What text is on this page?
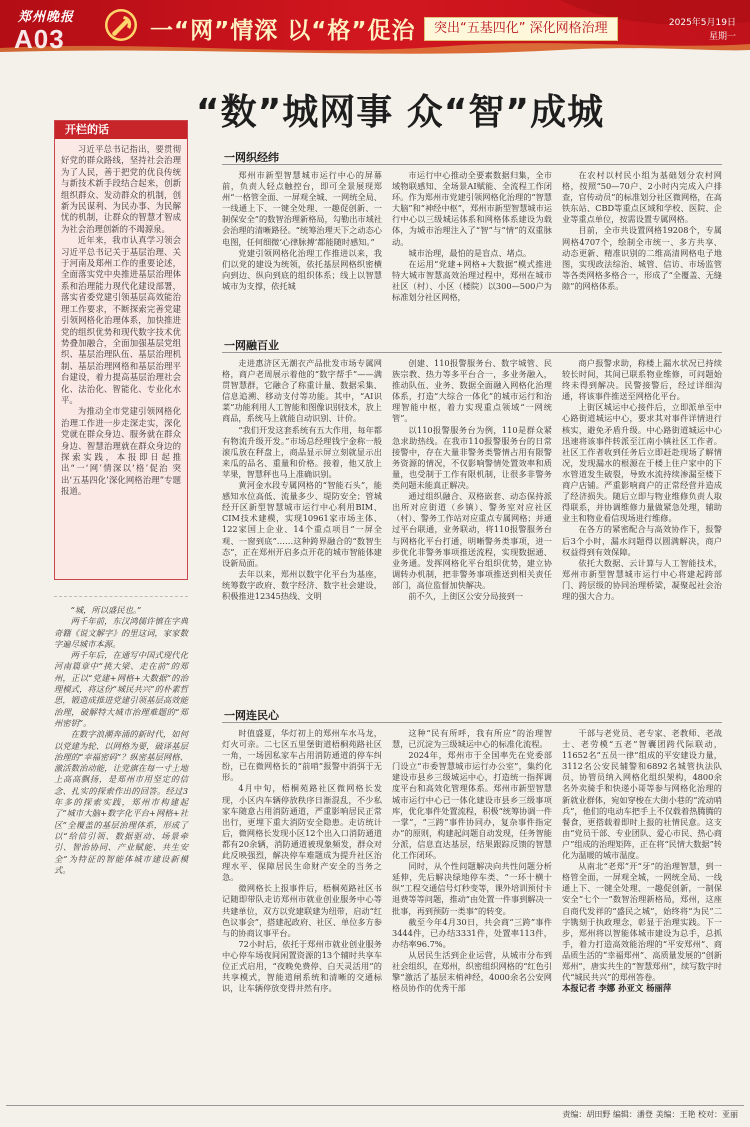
郑州晚报
A03	一“网”情深 以“格”促治	突出“五基四化” 深化网格治理	2025年5月19日
星期一
“数”城网事 众“智”成城
开栏的话

习近平总书记指出，要贯彻好党的群众路线，坚持社会治理为了人民，善于把党的优良传统与新技术新手段结合起来，创新组织群众、发动群众的机制，创新为民谋利、为民办事、为民解忧的机制，让群众的智慧才智成为社会治理创新的不竭源泉。

近年来，我市认真学习领会习近平总书记关于基层治理、关于河南及郑州工作的重要论述，全面落实党中央推进基层治理体系和治理能力现代化建设部署，落实省委党建引领基层高效能治理工作要求，不断探索完善党建引领网格化治理体系，加快推进党的组织优势和现代数字技术优势叠加融合，全面加强基层党组织、基层治理队伍、基层治理机制、基层治理网格和基层治理平台建设，着力提高基层治理社会化、法治化、智能化、专业化水平。

为推动全市党建引领网格化治理工作进一步走深走实，深化党就在群众身边、服务就在群众身边、智慧治理就在群众身边的探索实践，本报即日起推出“一‘网’情深以‘格’促治 突出‘五基四化’深化网格治理”专题报道。

“城，所以盛民也。”

两千年前，东汉鸿儒许慎在字典奇籍《说文解字》的里这词，家家数字遍尽城市本源。

两千年后，在通写中国式现代化河南篇章中“挑大梁、走在前”的郑州，正以“党建+网格+大数据”的治理模式，将这份“城民共兴”的朴素哲思，锻造成推进党建引领基层高效能治理，破解特大城市治理难题的“郑州密钥”。

在数字浪潮奔涌的新时代，如何以党建为轮、以网格为要，破译基层治理的“幸福密码”？纵密基层网格、激活数治动能，让党旗在每一寸土地上高高飘扬，是郑州市用坚定的信念、扎实的探索作出的回答。经过3年多的探索实践，郑州市构建起了“城市大脑+数字化平台+网格+社区”全覆盖的基层治理体系，形成了以“给信引领、数据驱动、场景牵引、智治协同、产业赋能、共生安全”为特征的智能体城市建设新模式。

一网织经纬

郑州市新型智慧城市运行中心的屏幕前，负责人轻点触控台，即可全景展现郑州“一格管全面、一屏观全城、一网统全局、一线通上下、一键全处理、一趣促创新、一制保安全”的数智治理新格局，勾勒出市域社会治理的清晰路径。“统筹治理天下之动态心电图，任何细微‘心律脉搏’都能随时感知。”

党建引领网格化治理工作推进以来，我们以党的建设为统领，依托基层网格织密横向到边、纵向到底的组织体系；线上以智慧城市为支撑，依托城

市运行中心推动全要素数据归集，全市域物联感知、全场景AI赋能、全流程工作闭环。作为郑州市党建引领网格化治理的“智慧大脑”和“神经中枢”，郑州市新型智慧城市运行中心以三级城运体系和网格体系建设为载体，为城市治理注入了“智”与“情”的双重脉动。

城市治理，最怕的是盲点、堵点。

在运用“党建+网格+大数据”模式推进特大城市智慧高效治理过程中，郑州在城市社区（村）、小区（楼院）以300—500户为标准划分社区网格，

在农村以村民小组为基础划分农村网格，按照“50—70户、2小时内完成入户排查，官传动员”的标准划分社区微网格，在高铁东站、CBD等重点区域和学校、医院、企业等重点单位，按需设置专属网格。

目前，全市共设置网格19208个，专属网格4707个，绘制全市统一、多方共享、动态更新、精准识别的二维高清网格电子地图，实现政法综治、城管、信访、市场监管等各类网格多格合一，形成了“全覆盖、无缝隙”的网格体系。

一网融百业

走进惠济区无潮衣产品批发市场专属网格，商户老周展示着他的“数字帮手”——满贯智慧群，它融合了称重计量、数据采集、信息追溯、移动支付等功能。其中，“AI识菜”功能利用人工智能和图像识别技术，放上商品，系统马上就能自动识别、计价。

“我们开发这套系统有五大作用，每年都有物流升级开发。”市场总经理钱宁金称一般滚瓜放在秤盘上，商品显示屏立刻就显示出来瓜的品名、重量和价格。接着，他又放上苹果，智慧秤也马上准确识别。

黄河金水段专属网格的“智能石头”，能感知水位高低、流量多少、堤防安全；管城经开区新型智慧城市运行中心利用BIM、CIM技术建模，实现10961家市场主体、122家国上企业、14个重点项目“一屏全观、一窗到底”……这种跨界融合的“数智生态”，正在郑州开启多点开花的城市智能体建设新局面。

去年以来，郑州以数字化平台为基座，统筹数字政府、数字经济、数字社会建设，积极推进12345热线、文明

创建、110报警服务台、数字城管、民族宗教、热力等多平台合一，多业务融入，推动队伍、业务、数据全面融入网格化治理体系，打造“大综合一体化”的城市运行和治理智能中枢，着力实现重点领域“一网统管”。

以110报警服务台为例，110是群众紧急求助热线。在我市110报警服务台的日常接警中，存在大量非警务类警情占用有限警务资源的情况，不仅影响警情处置效率和质量，也受制于工作有限机制，让很多非警务类问题未能真正解决。

通过组织融合、双格嵌套、动态保持派出所对应街道（乡镇）、警务室对应社区（村）、警务工作站对应重点专属网格；并通过平台联通，业务联动，将110报警服务台与网格化平台打通，明晰警务类事项，进一步优化非警务事项推送流程，实现数据通、业务通。发挥网格化平台组织优势，建立协调转办机制，把非警务事项推送到相关责任部门，高位监督加快解决。

前不久，上街区公安分局接到一

商户报警求助，称楼上漏水状况已持续较长时间，其间已联系物业维修，可问题始终未得到解决。民警接警后，经过详细沟通，将该事件推送至网格化平台。

上街区城运中心接件后，立即派单至中心路街道城运中心，要求其对事件详情进行核实，避免矛盾升级。中心路街道城运中心迅速将该事件转派至江南小镇社区工作者。社区工作者收到任务后立即赶赴现场了解情况，发现漏水的根源在于楼上住户家中的下水管道发生破裂，导致水流持续渗漏至楼下商户店铺。严重影响商户的正常经营并造成了经济损失。随后立即与物业维修负责人取得联系，并协调维修力量做紧急处理，辅助业主和物业看信现场进行维修。

在各方的紧密配合与高效协作下，报警后3个小时，漏水问题得以圆满解决，商户权益得到有效保障。

依托大数据、云计算与人工智能技术，郑州市新型智慧城市运行中心将建起跨部门、跨层级的协同治理桥梁，凝聚起社会治理的强大合力。

一网连民心

时值盛夏，华灯初上的郑州车水马龙，灯火可亲。二七区五里堡街道梧桐苑路社区一角，一场因私家车占用消防通道的停车纠纷，已在微网格长的“前哨”报警中消弭于无形。

4月中旬，梧桐苑路社区微网格长发现，小区内车辆停放秩序日渐混乱，不少私家车随意占用消防通道，严重影响居民正常出行，更埋下重大消防安全隐患。走访统计后，微网格长发现小区12个出入口消防通道都有20余辆，消防通道被现象频发，群众对此反映强烈，解决停车难题成为提升社区治理水平、保障居民生命财产安全的当务之急。

微网格长上报事件后，梧桐苑路社区书记随即带队走访郑州市就业创业服务中心等共建单位，双方以党建联建为纽带，启动“红色议事会”，搭建起政府、社区、单位多方参与的协商议事平台。

72小时后，依托于郑州市就业创业服务中心停车场夜间闲置资源的13个辅时共享车位正式启用，“夜晚免费停、白天灵活用”的共享模式，智能道闸系统和清晰的交通标识，让车辆停放变得井然有序。

这种“民有所呼，我有所应”的治理智慧，已沉淀为三级城运中心的标准化流程。

2024年，郑州市于全国率先在党委部门设立“市委智慧城市运行办公室”，集约化建设市县乡三级城运中心，打造统一指挥调度平台和高效化管理体系。郑州市新型智慧城市运行中心已一体化建设市县乡三级事项库，优化事件处置流程，积极“统筹协调一件一掌”，“三跨”事件协同办，复杂事件指定办”的原则，构建起问题自动发现，任务智能分派，信息直达基层，结果跟踪反馈的智慧化工作闭环。

同时，从个性问题解决向共性问题分析延伸，先后解决绿地停车类、“一环十横十纵”工程交通信号灯秒变等，课外培训预付卡退费等等问题，推动“由处置一件事到解决一批事，再到预防一类事”的转变。

截至今年4月30日，共会商“三跨”事件3444件，已办结3331件，处置率113件，办结率96.7%。

从居民生活到企业运营，从城市分布到社会组织，在郑州，织密组织网格的“红色引擎”激活了基层末梢神经，4000余名公安网格员协作的优秀干部

干部与老党员、老专家、老教师、老战士、老劳模“五老”智囊团跨代际联动，11652名“五员一律”组成的平安建设力量，3112名公安民辅警和6892名城管执法队员，协管员纳入网格化组织架构，4800余名外卖骑手和快递小哥等参与网格化治理的新就业群体，宛如穿梭在大街小巷的“流动哨兵”，他们的电动车把手上不仅载着热腾腾的餐食，更搭载着即时上报的社情民意。这支由“党员干部、专业团队、爱心市民、热心商户”组成的治理矩阵，正在将“民情大数据”转化为温暖的城市温度。

从南北“老郑”开“牙”的治理智慧，到一格管全面，一屏观全城，一网统全局、一线通上下、一键全处理、一趣促创新，一制保安全“七个一”数智治理新格局，郑州，这座自商代发祥的“盛民之城”，始终将“为民”二字镌刻于执政理念，彰显于治理实践。下一步，郑州将以智能体城市建设为总手，总抓手，着力打造高效能治理的“平安郑州”、商品质生活的“幸福郑州”、高质量发展的“创新郑州”，唐实共生的“智慧郑州”，续写数字时代“城民共兴”的郑州答卷。

本报记者 李娜 孙亚文 杨丽萍

责编：胡田野 编辑：潘登 美编：王艳 校对：亚丽
